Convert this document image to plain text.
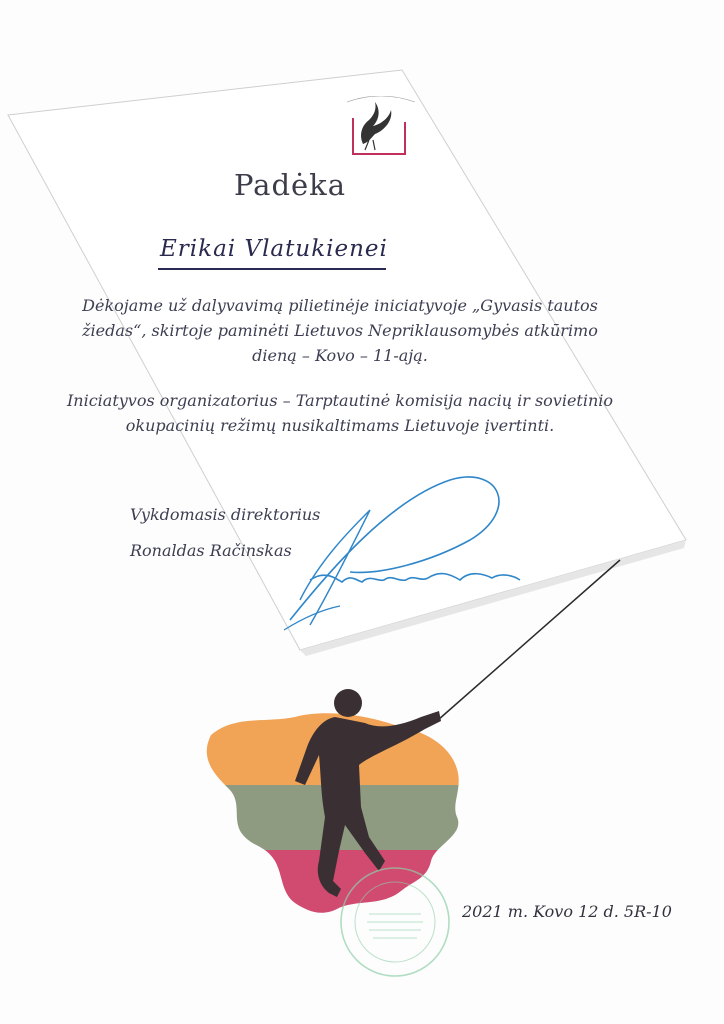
Padėka
Erikai Vlatukienei
Dėkojame už dalyvavimą pilietinėje iniciatyvoje „Gyvasis tautos žiedas“, skirtoje paminėti Lietuvos Nepriklausomybės atkūrimo dieną – Kovo – 11-ają.
Iniciatyvos organizatorius – Tarptautinė komisija nacių ir sovietinio okupacinių režimų nusikaltimams Lietuvoje įvertinti.
Vykdomasis direktorius
Ronaldas Račinskas
2021 m. Kovo 12 d. 5R-10
